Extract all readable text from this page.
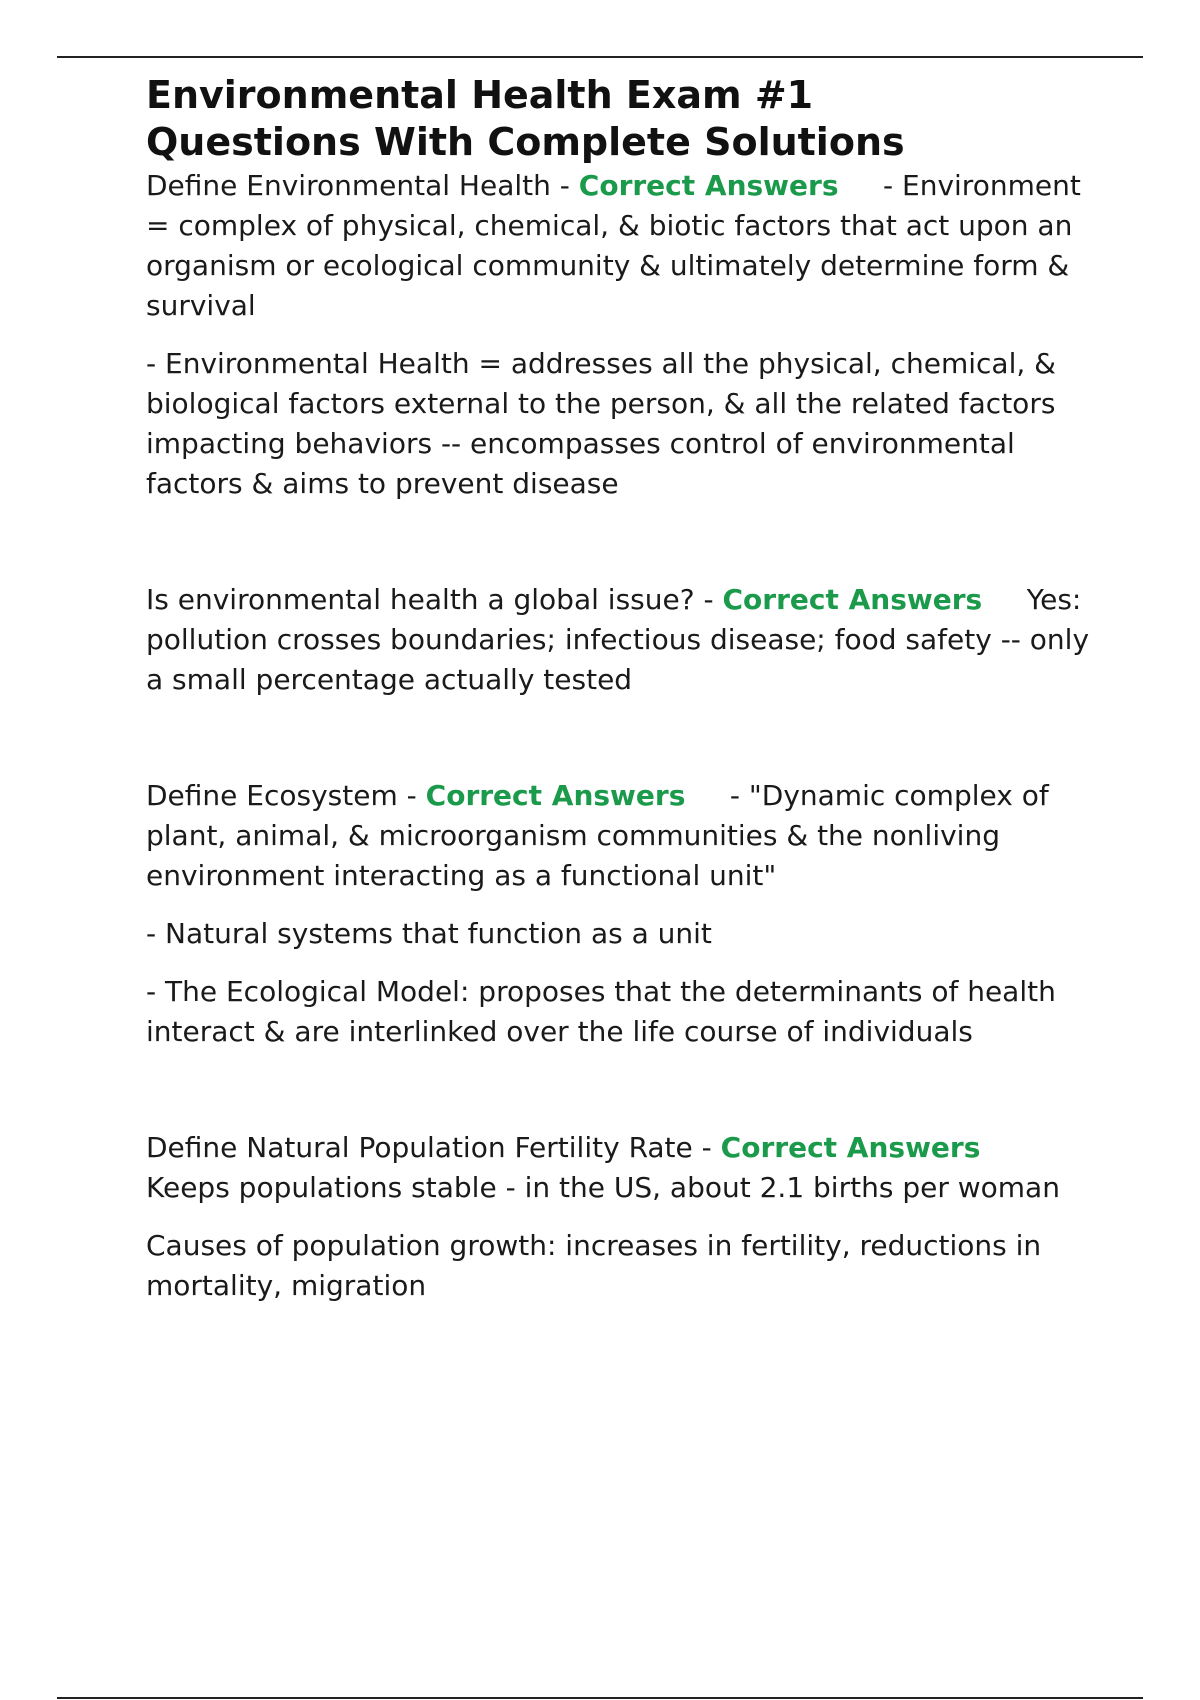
Environmental Health Exam #1
Questions With Complete Solutions

Define Environmental Health - Correct Answers     - Environment = complex of physical, chemical, & biotic factors that act upon an organism or ecological community & ultimately determine form & survival

- Environmental Health = addresses all the physical, chemical, & biological factors external to the person, & all the related factors impacting behaviors -- encompasses control of environmental factors & aims to prevent disease

Is environmental health a global issue? - Correct Answers     Yes: pollution crosses boundaries; infectious disease; food safety -- only a small percentage actually tested

Define Ecosystem - Correct Answers     - "Dynamic complex of plant, animal, & microorganism communities & the nonliving environment interacting as a functional unit"

- Natural systems that function as a unit

- The Ecological Model: proposes that the determinants of health interact & are interlinked over the life course of individuals

Define Natural Population Fertility Rate - Correct Answers     Keeps populations stable - in the US, about 2.1 births per woman

Causes of population growth: increases in fertility, reductions in mortality, migration
